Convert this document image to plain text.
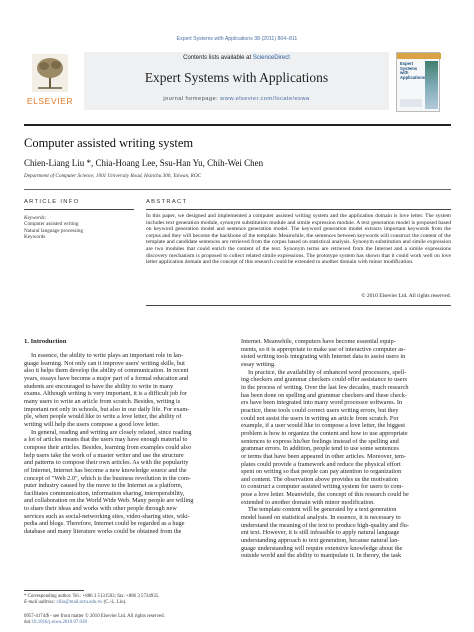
Expert Systems with Applications 38 (2011) 804–811
ELSEVIER
Contents lists available at ScienceDirect
Expert Systems with Applications
journal homepage: www.elsevier.com/locate/eswa
Expert Systems with Applications
Computer assisted writing system
Chien-Liang Liu *, Chia-Hoang Lee, Ssu-Han Yu, Chih-Wei Chen
Department of Computer Science, 1001 University Road, Hsinchu 300, Taiwan, ROC
ARTICLE INFO	ABSTRACT
Keywords:
Computer assisted writing
Natural language processing
Keywords
In this paper, we designed and implemented a computer assisted writing system and the application domain is love letter. The system includes text generation module, synonym substitution module and simile expression module. A text generation model is proposed based on keyword generation model and sentence generation model. The keyword generation model extracts important keywords from the corpus and they will become the backbone of the template. Meanwhile, the sentences between keywords will construct the content of the template and candidate sentences are retrieved from the corpus based on statistical analysis. Synonym substitution and simile expression are two modules that could enrich the content of the text. Synonym terms are retrieved from the Internet and a simile expressions discovery mechanism is proposed to collect related simile expressions. The prototype system has shown that it could work well on love letter application domain and the concept of this research could be extended to another domain with minor modification.
© 2010 Elsevier Ltd. All rights reserved.
1. Introduction
In essence, the ability to write plays an important role in lan-
guage learning. Not only can it improve users' writing skills, but
also it helps them develop the ability of communication. In recent
years, essays have become a major part of a formal education and
students are encouraged to have the ability to write in many
exams. Although writing is very important, it is a difficult job for
many users to write an article from scratch. Besides, writing is
important not only in schools, but also in our daily life. For exam-
ple, when people would like to write a love letter, the ability of
writing will help the users compose a good love letter.
In general, reading and writing are closely related, since reading
a lot of articles means that the users may have enough material to
compose their articles. Besides, learning from examples could also
help users take the work of a master writer and use the structure
and patterns to compose their own articles. As with the popularity
of Internet, Internet has become a new knowledge source and the
concept of "Web 2.0", which is the business revolution in the com-
puter industry caused by the move to the Internet as a platform,
facilitates communication, information sharing, interoperability,
and collaboration on the World Wide Web. Many people are willing
to share their ideas and works with other people through new
services such as social-networking sites, video-sharing sites, wiki-
pedia and blogs. Therefore, Internet could be regarded as a huge
database and many literature works could be obtained from the
Internet. Meanwhile, computers have become essential equip-
ments, so it is appropriate to make use of interactive computer as-
sisted writing tools integrating with Internet data to assist users in
essay writing.
In practice, the availability of enhanced word processors, spell-
ing checkers and grammar checkers could offer assistance to users
in the process of writing. Over the last few decades, much research
has been done on spelling and grammar checkers and these check-
ers have been integrated into many word processor softwares. In
practice, these tools could correct users writing errors, but they
could not assist the users in writing an article from scratch. For
example, if a user would like to compose a love letter, the biggest
problem is how to organize the content and how to use appropriate
sentences to express his/her feelings instead of the spelling and
grammar errors. In addition, people tend to use some sentences
or terms that have been appeared in other articles. Moreover, tem-
plates could provide a framework and reduce the physical effort
spent on writing so that people can pay attention to organization
and content. The observation above provides us the motivation
to construct a computer assisted writing system for users to com-
pose a love letter. Meanwhile, the concept of this research could be
extended to another domain with minor modification.
The template content will be generated by a text generation
model based on statistical analysis. In essence, it is necessary to
understand the meaning of the text to produce high-quality and flu-
ent text. However, it is still infeasible to apply natural language
understanding approach to text generation, because natural lan-
guage understanding will require extensive knowledge about the
outside world and the ability to manipulate it. In theory, the task
* Corresponding author. Tel.: +886 3 5131503; fax: +886 3 5734935.
E-mail address: clliu@mail.nctu.edu.tw (C.-L. Liu).
0957-4174/$ - see front matter © 2010 Elsevier Ltd. All rights reserved.
doi:10.1016/j.eswa.2010.07.038
